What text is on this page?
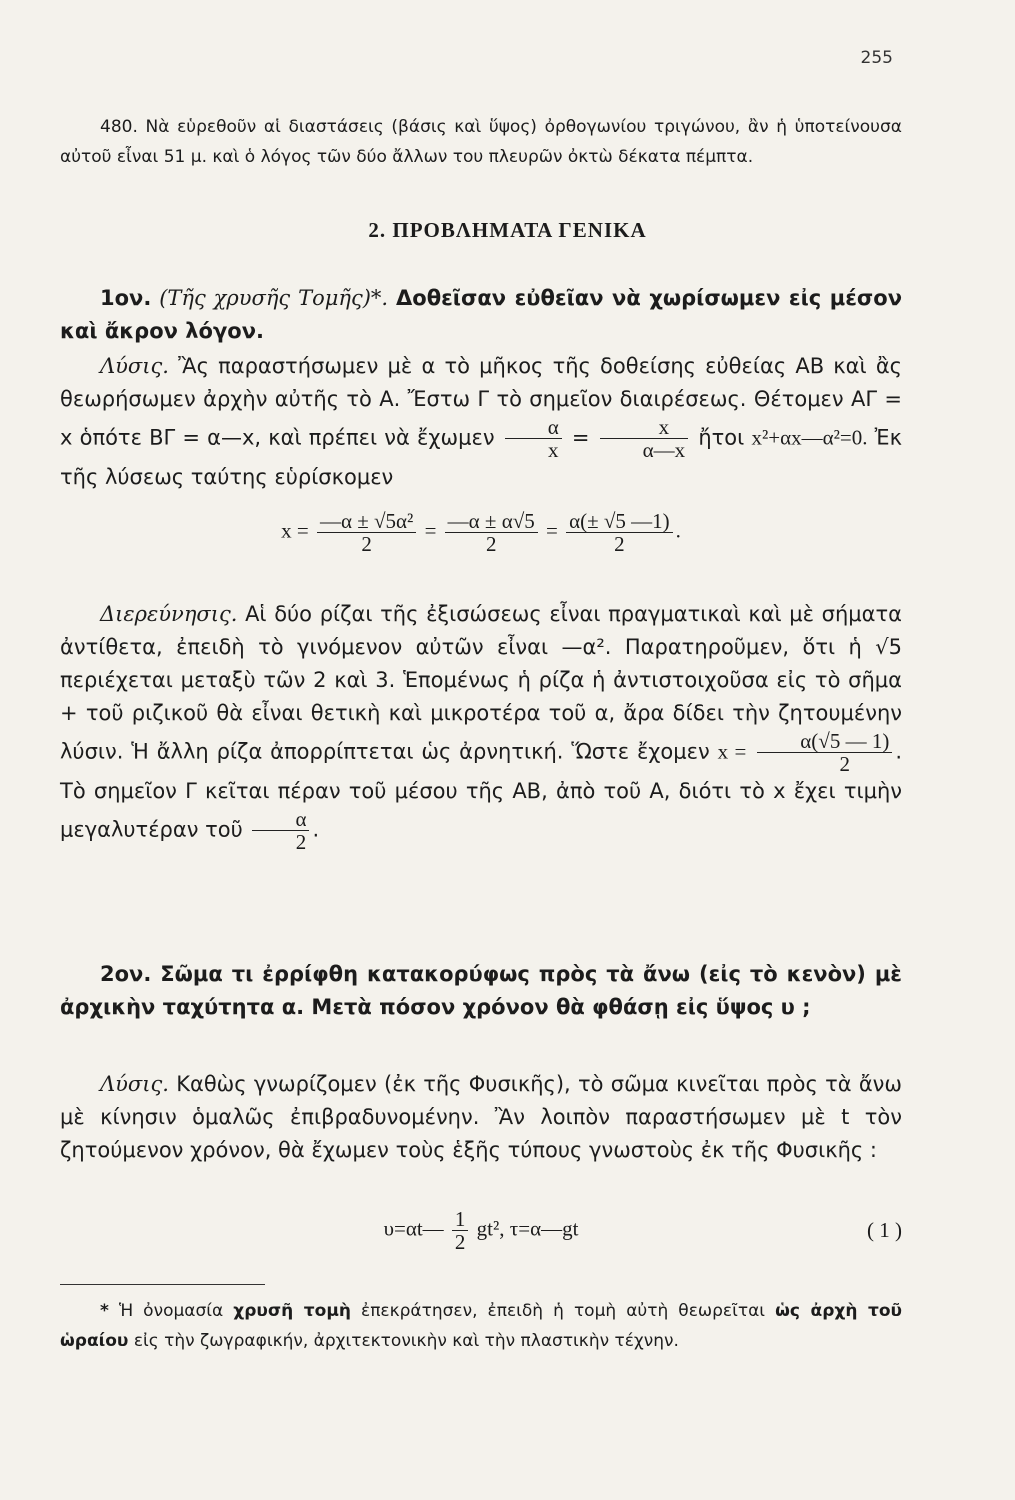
255
480. Νὰ εὑρεθοῦν αἱ διαστάσεις (βάσις καὶ ὕψος) ὀρθογωνίου τριγώνου, ἂν ἡ ὑποτείνουσα αὐτοῦ εἶναι 51 μ. καὶ ὁ λόγος τῶν δύο ἄλλων του πλευρῶν ὀκτὼ δέκατα πέμπτα.
2. ΠΡΟΒΛΗΜΑΤΑ ΓΕΝΙΚΑ
1ον. (Τῆς χρυσῆς Τομῆς)*. Δοθεῖσαν εὐθεῖαν νὰ χωρίσωμεν εἰς μέσον καὶ ἄκρον λόγον.
Λύσις. Ἂς παραστήσωμεν μὲ α τὸ μῆκος τῆς δοθείσης εὐθείας ΑΒ καὶ ἂς θεωρήσωμεν ἀρχὴν αὐτῆς τὸ Α. Ἔστω Γ τὸ σημεῖον διαιρέσεως. Θέτομεν ΑΓ = x ὁπότε ΒΓ = α—x, καὶ πρέπει νὰ ἔχωμεν $\frac{\alpha}{x} = \frac{x}{\alpha—x}$ ἤτοι x²+αx—α²=0. Ἐκ τῆς λύσεως ταύτης εὑρίσκομεν
$x = \frac{\text{—α ± √5α²}}{2} = \frac{—\alpha \pm \alpha√5}{2} = \frac{\alpha(\pm √5 —1)}{2}$ .
Διερεύνησις. Αἱ δύο ρίζαι τῆς ἐξισώσεως εἶναι πραγματικαὶ καὶ μὲ σήματα ἀντίθετα, ἐπειδὴ τὸ γινόμενον αὐτῶν εἶναι —α². Παρατηροῦμεν, ὅτι ἡ √5 περιέχεται μεταξὺ τῶν 2 καὶ 3. Ἑπομένως ἡ ρίζα ἡ ἀντιστοιχοῦσα εἰς τὸ σῆμα + τοῦ ριζικοῦ θὰ εἶναι θετικὴ καὶ μικροτέρα τοῦ α, ἄρα δίδει τὴν ζητουμένην λύσιν. Ἡ ἄλλη ρίζα ἀπορρίπτεται ὡς ἀρνητική. Ὥστε ἔχομεν $x = \frac{\alpha(√5 — 1)}{2}$ . Τὸ σημεῖον Γ κεῖται πέραν τοῦ μέσου τῆς ΑΒ, ἀπὸ τοῦ Α, διότι τὸ x ἔχει τιμὴν μεγαλυτέραν τοῦ $\frac{\alpha}{2}$ .
2ον. Σῶμα τι ἐρρίφθη κατακορύφως πρὸς τὰ ἄνω (εἰς τὸ κενὸν) μὲ ἀρχικὴν ταχύτητα α. Μετὰ πόσον χρόνον θὰ φθάσῃ εἰς ὕψος υ ;
Λύσις. Καθὼς γνωρίζομεν (ἐκ τῆς Φυσικῆς), τὸ σῶμα κινεῖται πρὸς τὰ ἄνω μὲ κίνησιν ὁμαλῶς ἐπιβραδυνομένην. Ἂν λοιπὸν παραστήσωμεν μὲ t τὸν ζητούμενον χρόνον, θὰ ἔχωμεν τοὺς ἑξῆς τύπους γνωστοὺς ἐκ τῆς Φυσικῆς :
υ=αt— $\frac{1}{2} gt^2$, τ=α—gt	( 1 )
* Ἡ ὀνομασία χρυσῆ τομὴ ἐπεκράτησεν, ἐπειδὴ ἡ τομὴ αὐτὴ θεωρεῖται ὡς ἀρχὴ τοῦ ὡραίου εἰς τὴν ζωγραφικήν, ἀρχιτεκτονικὴν καὶ τὴν πλαστικὴν τέχνην.
